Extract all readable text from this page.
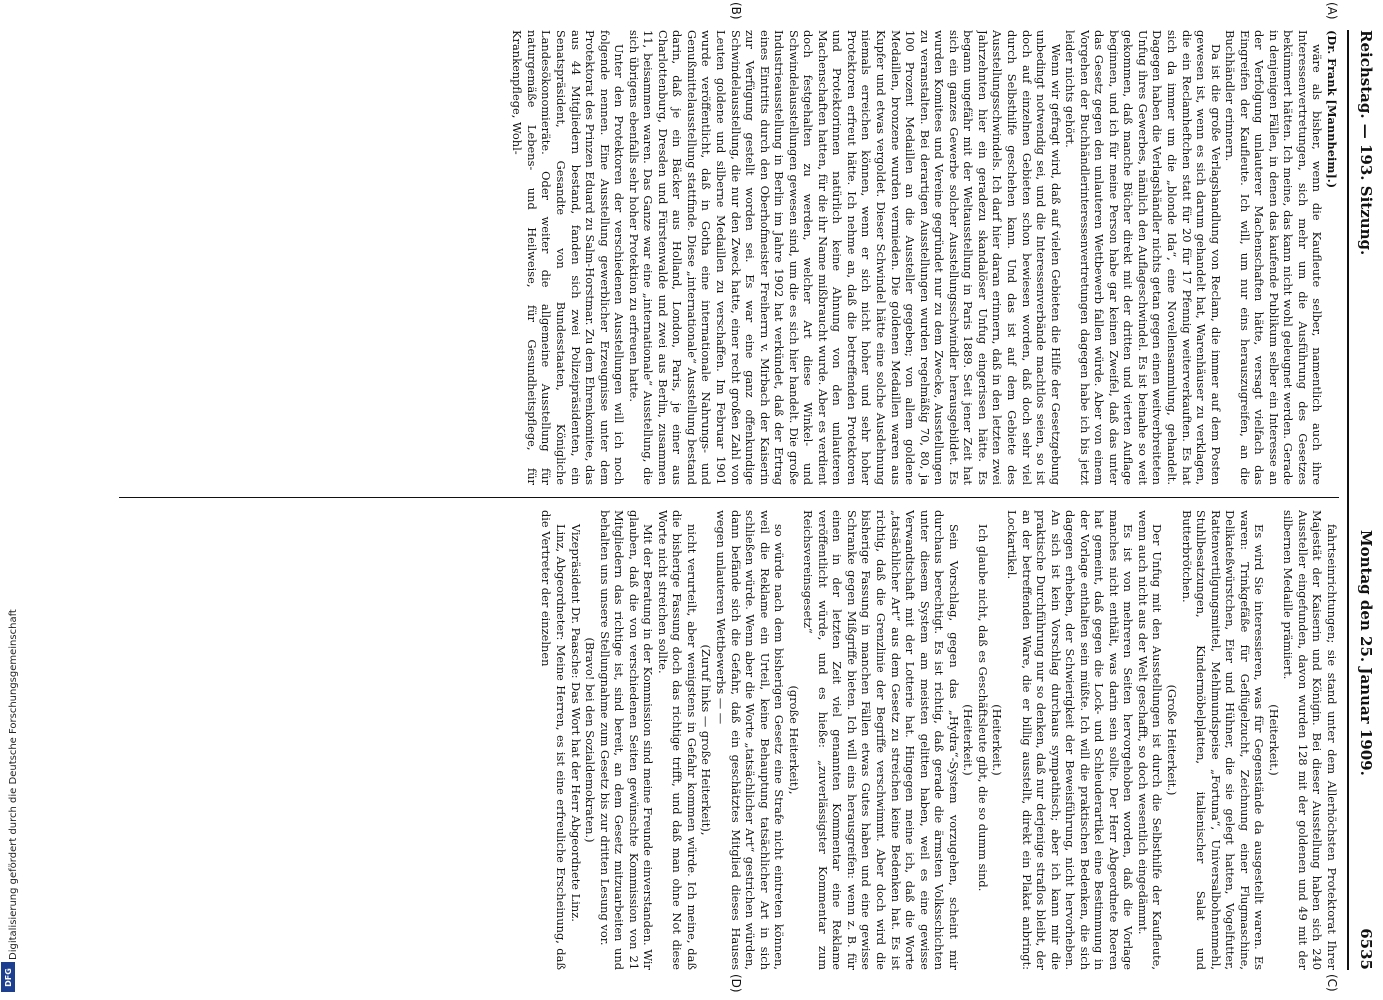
Digitalisierung gefördert durch die Deutsche Forschungsgemeinschaft
DFG
Reichstag. — 193. Sitzung.
Montag den 25. Januar 1909.
6535

(Dr. Frank [Mannheim].)

wäre als bisher, wenn die Kaufleute selber, namentlich auch ihre Interessenvertretungen, sich mehr um die Ausführung des Gesetzes bekümmert hätten. Ich meine, das kann nicht wohl geleugnet werden. Gerade in denjenigen Fällen, in denen das kaufende Publikum selber ein Interesse an der Verfolgung unlauterer Machenschaften hätte, versagt vielfach das Eingreifen der Kaufleute. Ich will, um nur eins herauszugreifen, an die Buchhändler erinnern.

Da ist die große Verlagshandlung von Reclam, die immer auf dem Posten gewesen ist, wenn es sich darum gehandelt hat, Warenhäuser zu verklagen, die ein Reclamheftchen statt für 20 für 17 Pfennig weiterverkauften. Es hat sich da immer um die „blonde Ida“, eine Novellensammlung, gehandelt. Dagegen haben die Verlagshändler nichts getan gegen einen weitverbreiteten Unfug ihres Gewerbes, nämlich den Auflageschwindel. Es ist beinahe so weit gekommen, daß manche Bücher direkt mit der dritten und vierten Auflage beginnen, und ich für meine Person habe gar keinen Zweifel, daß das unter das Gesetz gegen den unlauteren Wettbewerb fallen würde. Aber von einem Vorgehen der Buchhändlerinteressenvertretungen dagegen habe ich bis jetzt leider nichts gehört.

Wenn wir gefragt wird, daß auf vielen Gebieten die Hilfe der Gesetzgebung unbedingt notwendig sei, und die Interessenverbände machtlos seien, so ist doch auf einzelnen Gebieten schon bewiesen worden, daß doch sehr viel durch Selbsthilfe geschehen kann. Und das ist auf dem Gebiete des Ausstellungsschwindels. Ich darf hier daran erinnern, daß in den letzten zwei Jahrzehnten hier ein geradezu skandalöser Unfug eingerissen hätte. Es begann ungefähr mit der Weltausstellung in Paris 1889. Seit jener Zeit hat sich ein ganzes Gewerbe solcher Ausstellungsschwindler herausgebildet. Es wurden Komitees und Vereine gegründet nur zu dem Zwecke, Ausstellungen zu veranstalten. Bei derartigen Ausstellungen wurden regelmäßig 70, 80, ja 100 Prozent Medaillen an die Aussteller gegeben; von allem goldene Medaillen, bronzene wurden vermieden. Die goldenen Medaillen waren aus Kupfer und etwas vergoldet. Dieser Schwindel hätte eine solche Ausdehnung niemals erreichen können, wenn er sich nicht hoher und sehr hoher Protektoren erfreut hätte. Ich nehme an, daß die betreffenden Protektoren und Protektorinnen natürlich keine Ahnung von den unlauteren Machenschaften hatten, für die ihr Name mißbraucht wurde. Aber es verdient doch festgehalten zu werden, welcher Art diese Winkel- und Schwindelausstellungen gewesen sind, um die es sich hier handelt. Die große Industrieausstellung in Berlin im Jahre 1902 hat verkündet, daß der Ertrag eines Eintritts durch den Oberhofmeister Freiherrn v. Mirbach der Kaiserin zur Verfügung gestellt worden sei. Es war eine ganz offenkundige Schwindelausstellung, die nur den Zweck hatte, einer recht großen Zahl von Leuten goldene und silberne Medaillen zu verschaffen. Im Februar 1901 wurde veröffentlicht, daß in Gotha eine internationale Nahrungs- und Genußmittelausstellung stattfinde. Diese „internationale“ Ausstellung bestand darin, daß je ein Bäcker aus Holland, London, Paris, je einer aus Charlottenburg, Dresden und Fürstenwalde und zwei aus Berlin, zusammen 11, beisammen waren. Das Ganze war eine „internationale“ Ausstellung, die sich übrigens ebenfalls sehr hoher Protektion zu erfreuen hatte.

Unter den Protektoren der verschiedenen Ausstellungen will ich noch folgende nennen. Eine Ausstellung gewerblicher Erzeugnisse unter dem Protektorat des Prinzen Eduard zu Salm-Horstmar. Zu dem Ehrenkomitee, das aus 44 Mitgliedern bestand, fanden sich zwei Polizeipräsidenten, ein Senatspräsident, Gesandte von Bundesstaaten, Königliche Landesökonomieräte. Oder weiter die allgemeine Ausstellung für naturgemäße Lebens- und Heilweise, für Gesundheitspflege, für Krankenpflege, Wohl-

fahrtseinrichtungen; sie stand unter dem Allerhöchsten Protektorat Ihrer Majestät der Kaiserin und Königin. Bei dieser Ausstellung haben sich 240 Aussteller eingefunden, davon wurden 128 mit der goldenen und 49 mit der silbernen Medaille prämiiert.

(Heiterkeit.)

Es wird Sie interessieren, was für Gegenstände da ausgestellt waren. Es waren: Trinkgefäße für Geflügelzucht, Zeichnung einer Flugmaschine, Delikateßwürstchen, Eier und Hühner, die sie gelegt hatten, Vogelfutter, Rattenvertilgungsmittel, Mehlmundspeise „Fortuna“, Universalbohnenmehl, Stuhlbesatzungen, Kindermöbelplatten, italienischer Salat und Butterbrötchen.

(Große Heiterkeit.)

Der Unfug mit den Ausstellungen ist durch die Selbsthilfe der Kaufleute, wenn auch nicht aus der Welt geschafft, so doch wesentlich eingedämmt.

Es ist von mehreren Seiten hervorgehoben worden, daß die Vorlage manches nicht enthält, was darin sein sollte. Der Herr Abgeordnete Roeren hat gemeint, daß gegen die Lock- und Schleuderartikel eine Bestimmung in der Vorlage enthalten sein müßte. Ich will die praktischen Bedenken, die sich dagegen erheben, der Schwierigkeit der Beweisführung, nicht hervorheben. An sich ist kein Vorschlag durchaus sympathisch; aber ich kann mir die praktische Durchführung nur so denken, daß nur derjenige straflos bleibt, der an der betreffenden Ware, die er billig ausstellt, direkt ein Plakat anbringt: Lockartikel.

(Heiterkeit.)

Ich glaube nicht, daß es Geschäftsleute gibt, die so dumm sind.

(Heiterkeit.)

Sein Vorschlag, gegen das „Hydra“-System vorzugehen, scheint mir durchaus berechtigt. Es ist richtig, daß gerade die ärmsten Volksschichten unter diesem System am meisten gelitten haben, weil es eine gewisse Verwandtschaft mit der Lotterie hat. Hingegen meine ich, daß die Worte „tatsächlicher Art“ aus dem Gesetz zu streichen keine Bedenken hat. Es ist richtig, daß die Grenzlinie der Begriffe verschwimmt. Aber doch wird die bisherige Fassung in manchen Fällen etwas Gutes haben und eine gewisse Schranke gegen Mißgriffe bieten. Ich will eins herausgreifen: wenn z. B. für einen in der letzten Zeit viel genannten Kommentar eine Reklame veröffentlicht würde, und es hieße: „zuverlässigster Kommentar zum Reichsvereinsgesetz“

(große Heiterkeit),

so würde nach dem bisherigen Gesetz eine Strafe nicht eintreten können, weil die Reklame ein Urteil, keine Behauptung tatsächlicher Art in sich schließen würde. Wenn aber die Worte „tatsächlicher Art“ gestrichen würden, dann befände sich die Gefahr, daß ein geschätztes Mitglied dieses Hauses wegen unlauteren Wettbewerbs — —

(Zuruf links — große Heiterkeit),

nicht verurteilt, aber wenigstens in Gefahr kommen würde. Ich meine, daß die bisherige Fassung doch das richtige trifft, und daß man ohne Not diese Worte nicht streichen sollte.

Mit der Beratung in der Kommission sind meine Freunde einverstanden. Wir glauben, daß die von verschiedenen Seiten gewünschte Kommission von 21 Mitgliedern das richtige ist, sind bereit, an dem Gesetz mitzuarbeiten und behalten uns unsere Stellungnahme zum Gesetz bis zur dritten Lesung vor.

(Bravo! bei den Sozialdemokraten.)

Vizepräsident Dr. Paasche: Das Wort hat der Herr Abgeordnete Linz.

Linz, Abgeordneter: Meine Herren, es ist eine erfreuliche Erscheinung, daß die Vertreter der einzelnen

(A)
(B)
(C)
(D)
